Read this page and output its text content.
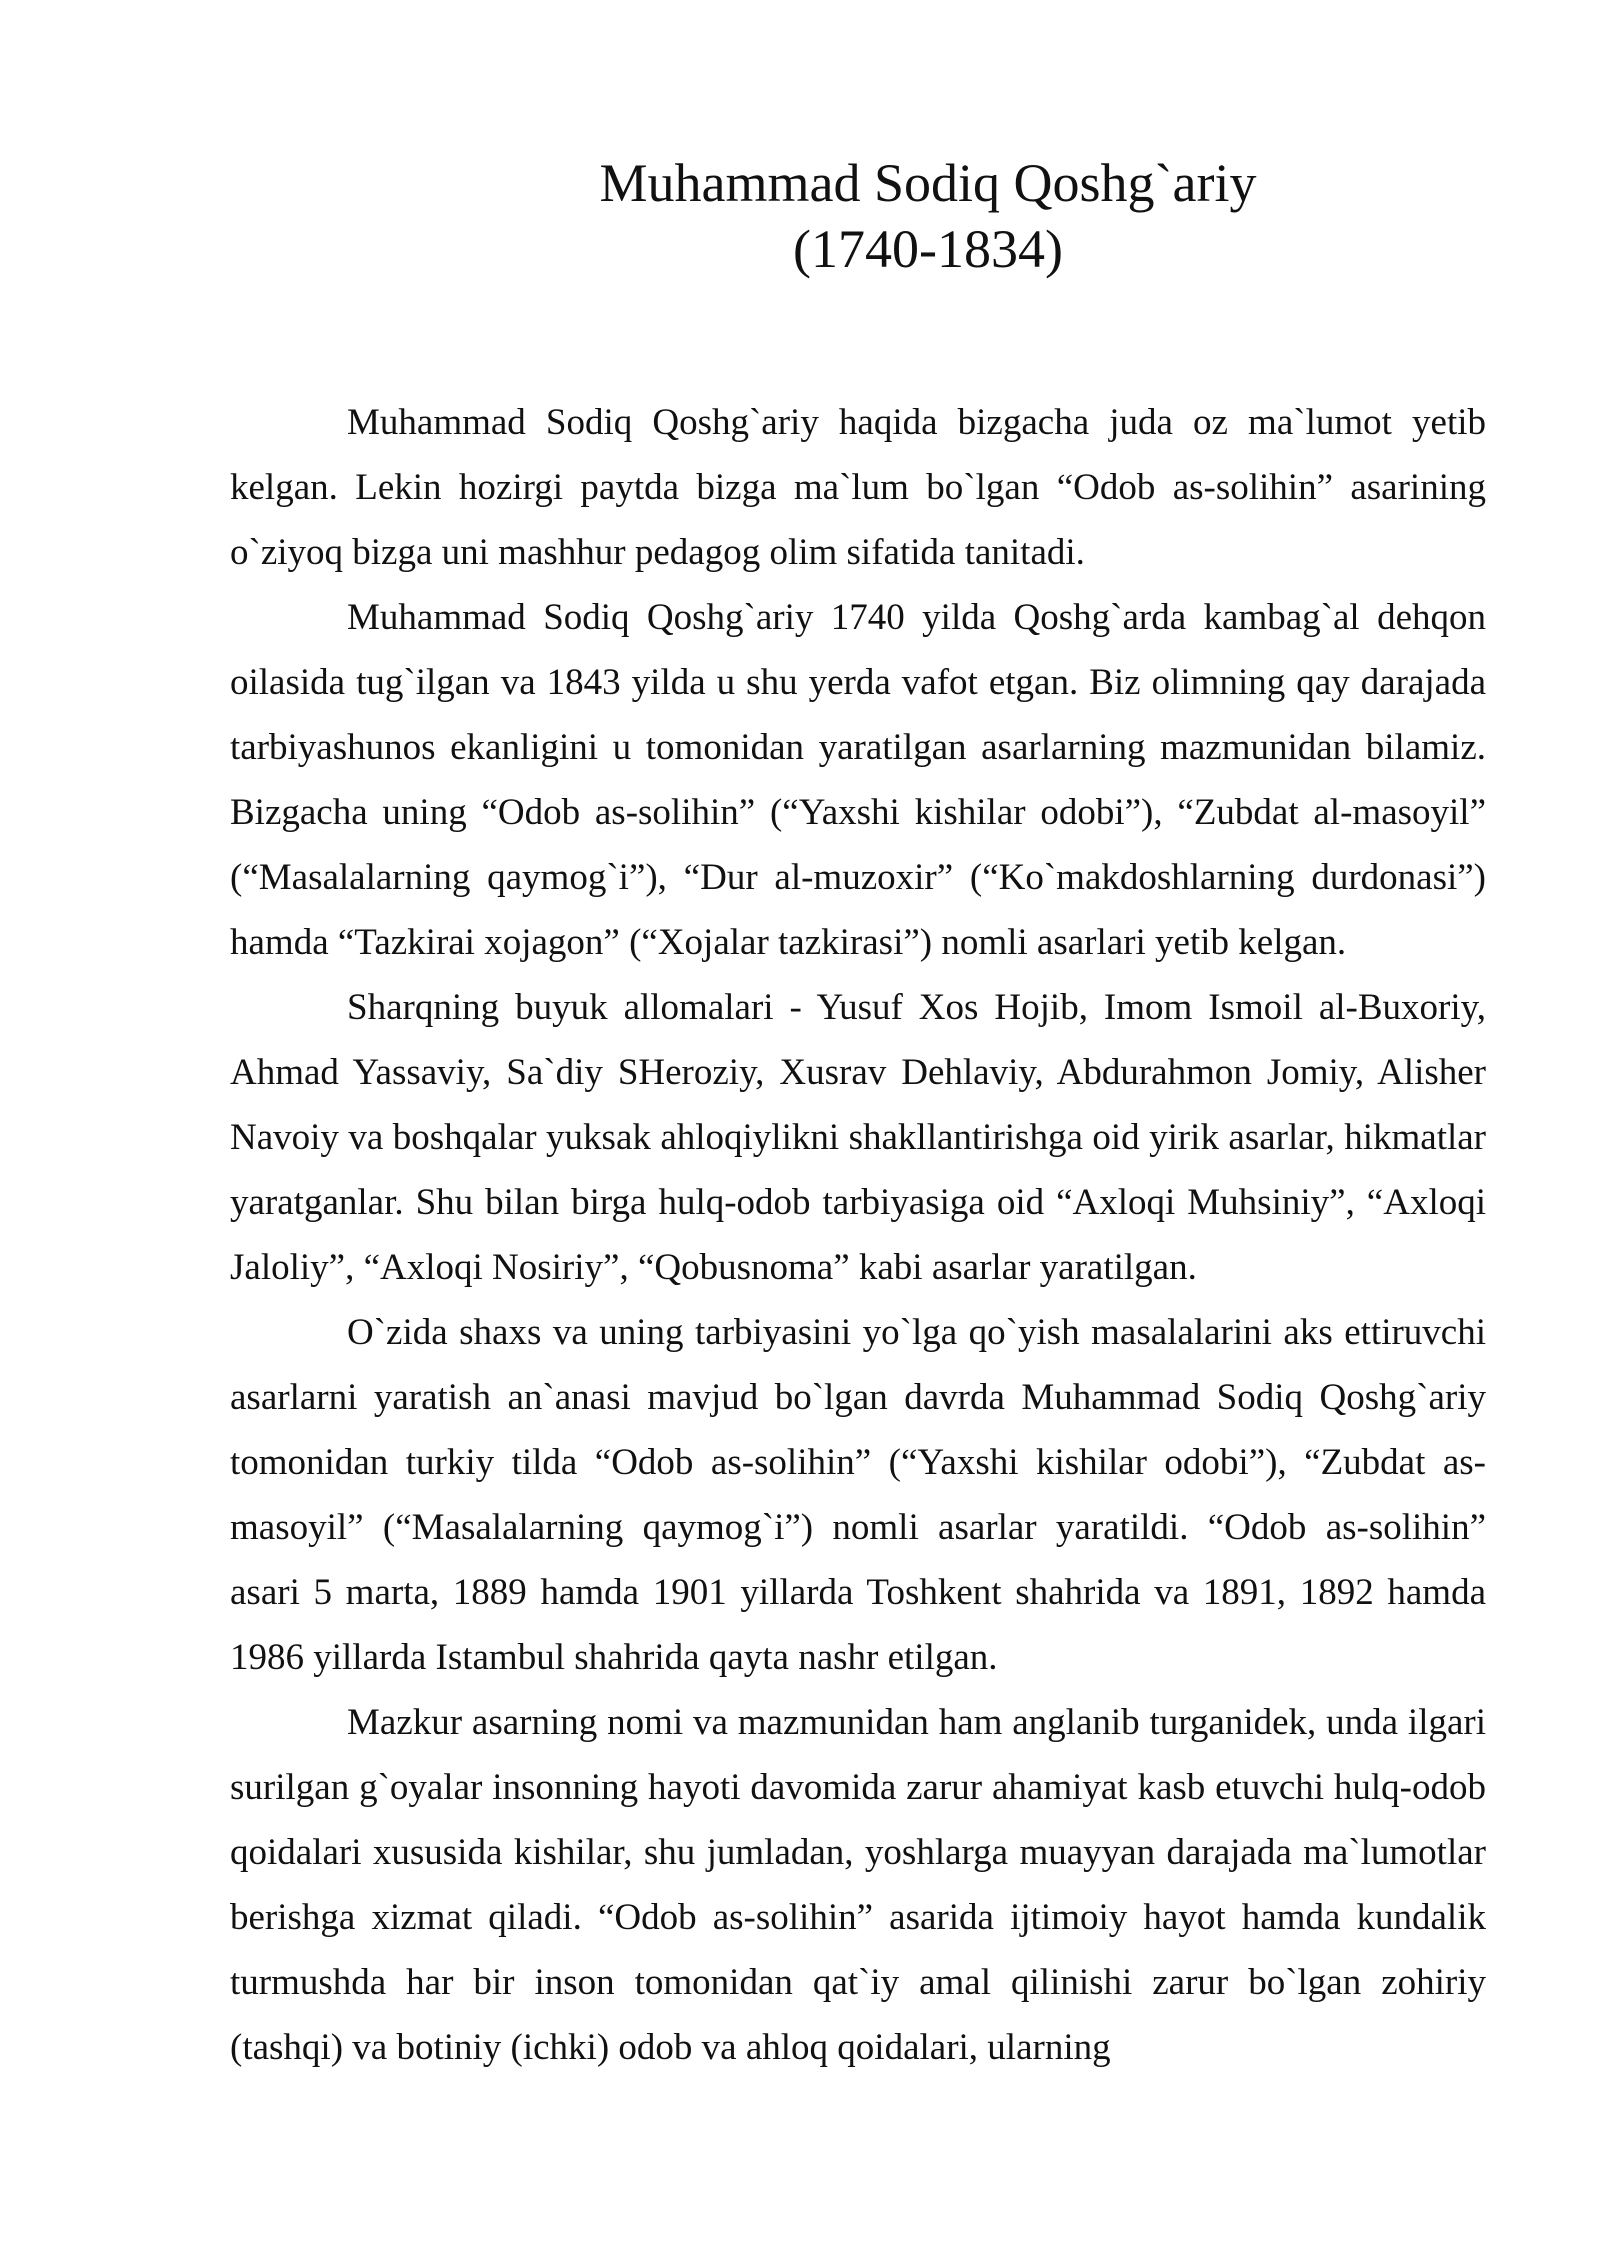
Muhammad Sodiq Qoshg`ariy
(1740-1834)

Muhammad Sodiq Qoshg`ariy haqida bizgacha juda oz ma`lumot yetib kelgan. Lekin hozirgi paytda bizga ma`lum bo`lgan “Odob as-solihin” asarining o`ziyoq bizga uni mashhur pedagog olim sifatida tanitadi.

Muhammad Sodiq Qoshg`ariy 1740 yilda Qoshg`arda kambag`al dehqon oilasida tug`ilgan va 1843 yilda u shu yerda vafot etgan. Biz olimning qay darajada tarbiyashunos ekanligini u tomonidan yaratilgan asarlarning mazmunidan bilamiz. Bizgacha uning “Odob as-solihin” (“Yaxshi kishilar odobi”), “Zubdat al-masoyil” (“Masalalarning qaymog`i”), “Dur al-muzoxir” (“Ko`makdoshlarning durdonasi”) hamda “Tazkirai xojagon” (“Xojalar tazkirasi”) nomli asarlari yetib kelgan.

Sharqning buyuk allomalari - Yusuf Xos Hojib, Imom Ismoil al-Buxoriy, Ahmad Yassaviy, Sa`diy SHeroziy, Xusrav Dehlaviy, Abdurahmon Jomiy, Alisher Navoiy va boshqalar yuksak ahloqiylikni shakllantirishga oid yirik asarlar, hikmatlar yaratganlar. Shu bilan birga hulq-odob tarbiyasiga oid “Axloqi Muhsiniy”, “Axloqi Jaloliy”, “Axloqi Nosiriy”, “Qobusnoma” kabi asarlar yaratilgan.

O`zida shaxs va uning tarbiyasini yo`lga qo`yish masalalarini aks ettiruvchi asarlarni yaratish an`anasi mavjud bo`lgan davrda Muhammad Sodiq Qoshg`ariy tomonidan turkiy tilda “Odob as-solihin” (“Yaxshi kishilar odobi”), “Zubdat as-masoyil” (“Masalalarning qaymog`i”) nomli asarlar yaratildi. “Odob as-solihin” asari 5 marta, 1889 hamda 1901 yillarda Toshkent shahrida va 1891, 1892 hamda 1986 yillarda Istambul shahrida qayta nashr etilgan.

Mazkur asarning nomi va mazmunidan ham anglanib turganidek, unda ilgari surilgan g`oyalar insonning hayoti davomida zarur ahamiyat kasb etuvchi hulq-odob qoidalari xususida kishilar, shu jumladan, yoshlarga muayyan darajada ma`lumotlar berishga xizmat qiladi. “Odob as-solihin” asarida ijtimoiy hayot hamda kundalik turmushda har bir inson tomonidan qat`iy amal qilinishi zarur bo`lgan zohiriy (tashqi) va botiniy (ichki) odob va ahloq qoidalari, ularning
